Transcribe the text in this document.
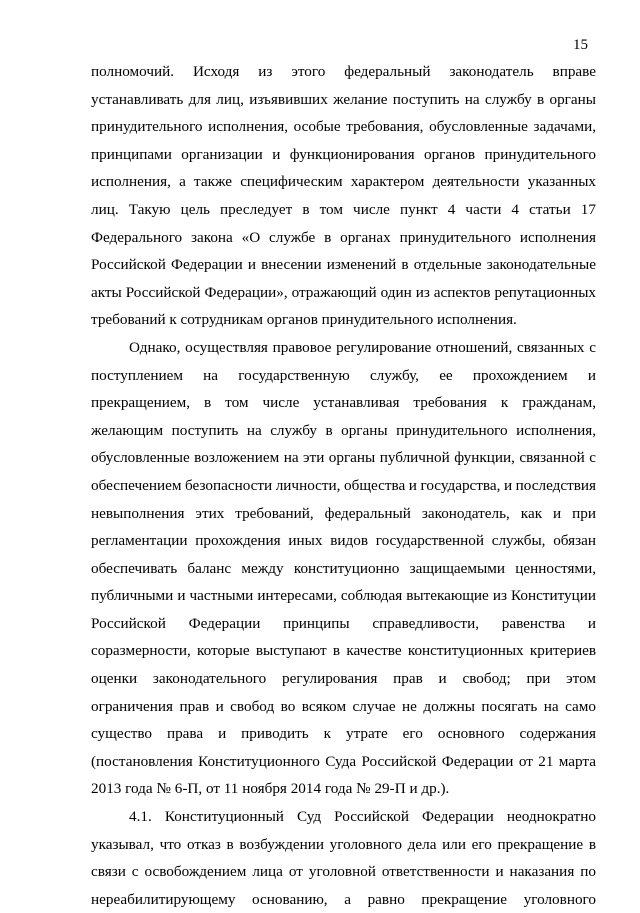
15
полномочий. Исходя из этого федеральный законодатель вправе
устанавливать для лиц, изъявивших желание поступить на службу в органы
принудительного исполнения, особые требования, обусловленные задачами,
принципами организации и функционирования органов принудительного
исполнения, а также специфическим характером деятельности указанных
лиц. Такую цель преследует в том числе пункт 4 части 4 статьи 17
Федерального закона «О службе в органах принудительного исполнения
Российской Федерации и внесении изменений в отдельные законодательные
акты Российской Федерации», отражающий один из аспектов репутационных
требований к сотрудникам органов принудительного исполнения.
Однако, осуществляя правовое регулирование отношений, связанных с
поступлением на государственную службу, ее прохождением и
прекращением, в том числе устанавливая требования к гражданам,
желающим поступить на службу в органы принудительного исполнения,
обусловленные возложением на эти органы публичной функции, связанной с
обеспечением безопасности личности, общества и государства, и последствия
невыполнения этих требований, федеральный законодатель, как и при
регламентации прохождения иных видов государственной службы, обязан
обеспечивать баланс между конституционно защищаемыми ценностями,
публичными и частными интересами, соблюдая вытекающие из Конституции
Российской Федерации принципы справедливости, равенства и
соразмерности, которые выступают в качестве конституционных критериев
оценки законодательного регулирования прав и свобод; при этом
ограничения прав и свобод во всяком случае не должны посягать на само
существо права и приводить к утрате его основного содержания
(постановления Конституционного Суда Российской Федерации от 21 марта
2013 года № 6-П, от 11 ноября 2014 года № 29-П и др.).
4.1. Конституционный Суд Российской Федерации неоднократно
указывал, что отказ в возбуждении уголовного дела или его прекращение в
связи с освобождением лица от уголовной ответственности и наказания по
нереабилитирующему основанию, а равно прекращение уголовного
